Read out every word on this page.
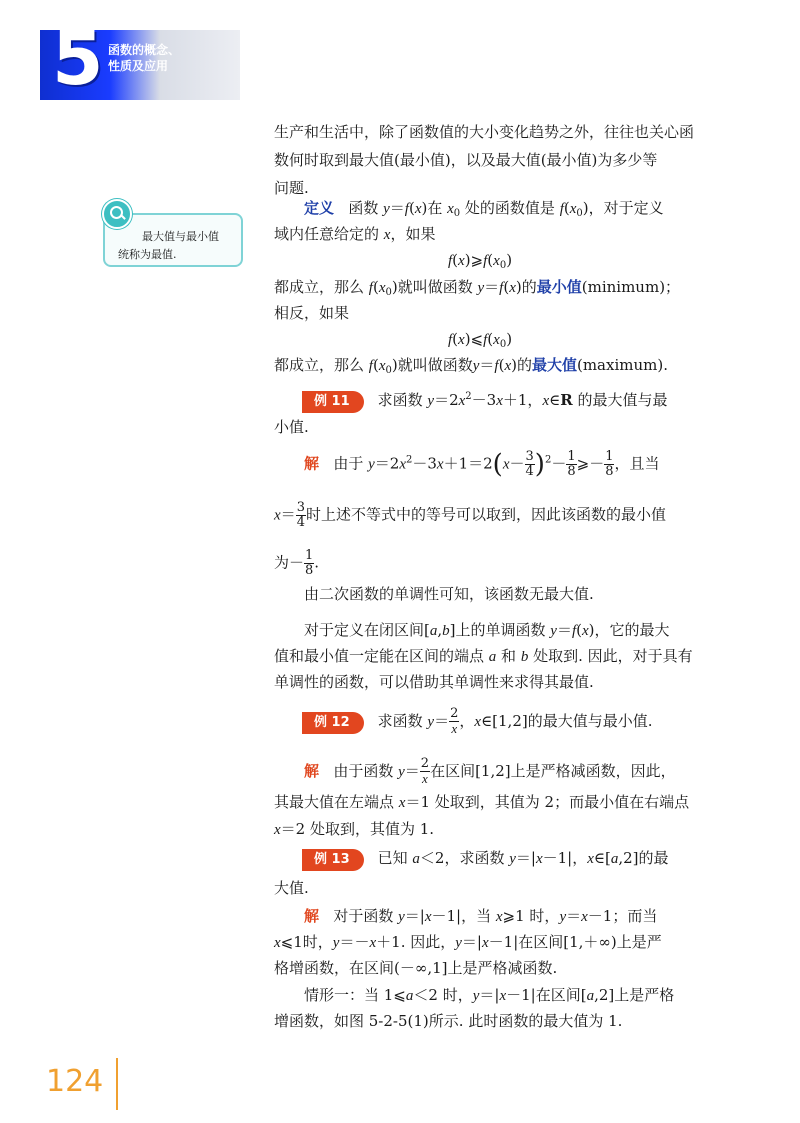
5 函数的概念、
性质及应用
最大值与最小值
统称为最值.
生产和生活中，除了函数值的大小变化趋势之外，往往也关心函
数何时取到最大值(最小值)，以及最大值(最小值)为多少等
问题.
定义   函数 y＝f(x)在 $x_0$ 处的函数值是 $f(x_0)$，对于定义
域内任意给定的 x，如果
$f(x)⩾f(x_0)$
都成立，那么 $f(x_0)$就叫做函数 y＝f(x)的最小值(minimum)；
相反，如果
$f(x)⩽f(x_0)$
都成立，那么 $f(x_0)$就叫做函数y＝f(x)的最大值(maximum).
例 11 求函数 $y=2x^2-3x+1$，x∈R 的最大值与最
小值.
解   由于 $y=2x^2-3x+1=2(x- \frac{3}{4} )^2- \frac{1}{8}$ ⩾－ $\frac{1}{8}$ ，且当
$x= \frac{3}{4}$ 时上述不等式中的等号可以取到，因此该函数的最小值
为－ $\frac{1}{8}$ .
由二次函数的单调性可知，该函数无最大值.
对于定义在闭区间[a,b]上的单调函数 y＝f(x)，它的最大
值和最小值一定能在区间的端点 a 和 b 处取到. 因此，对于具有
单调性的函数，可以借助其单调性来求得其最值.
例 12 求函数 $y= \frac{2}{x}$ ，x∈[1,2]的最大值与最小值.
解   由于函数 $y= \frac{2}{x}$ 在区间[1,2]上是严格减函数，因此，
其最大值在左端点 x＝1 处取到，其值为 2；而最小值在右端点
x＝2 处取到，其值为 1.
例 13 已知 a＜2，求函数 y＝|x－1|，x∈[a,2]的最
大值.
解   对于函数 y＝|x－1|，当 x⩾1 时，y＝x－1；而当
x⩽1时，y＝－x＋1. 因此，y＝|x－1|在区间[1,＋∞)上是严
格增函数，在区间(－∞,1]上是严格减函数.
情形一：当 1⩽a＜2 时，y＝|x－1|在区间[a,2]上是严格
增函数，如图 5-2-5(1)所示. 此时函数的最大值为 1.
124
